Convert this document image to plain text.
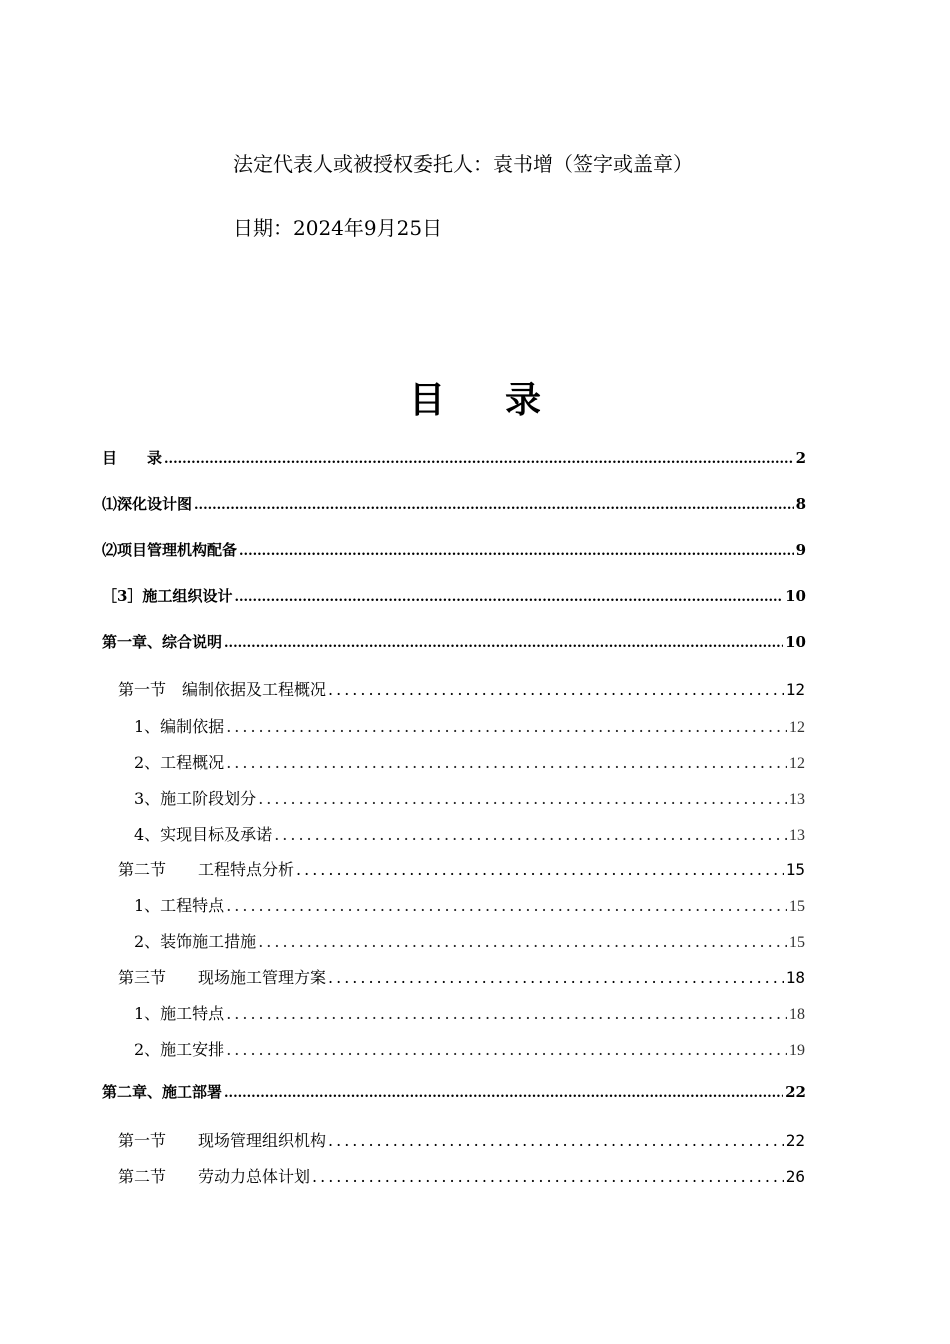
法定代表人或被授权委托人：袁书增（签字或盖章）
日期：2024年9月25日
目 录
目　　录 .....	2
⑴深化设计图 .....	8
⑵项目管理机构配备 .....	9
［3］施工组织设计 .....	10
第一章、综合说明 .....	10
第一节　编制依据及工程概况 .....	12
1、编制依据 .....	12
2、工程概况 .....	12
3、施工阶段划分 .....	13
4、实现目标及承诺 .....	13
第二节　　工程特点分析 .....	15
1、工程特点 .....	15
2、装饰施工措施 .....	15
第三节　　现场施工管理方案 .....	18
1、施工特点 .....	18
2、施工安排 .....	19
第二章、施工部署 .....	22
第一节　　现场管理组织机构 .....	22
第二节　　劳动力总体计划 .....	26
